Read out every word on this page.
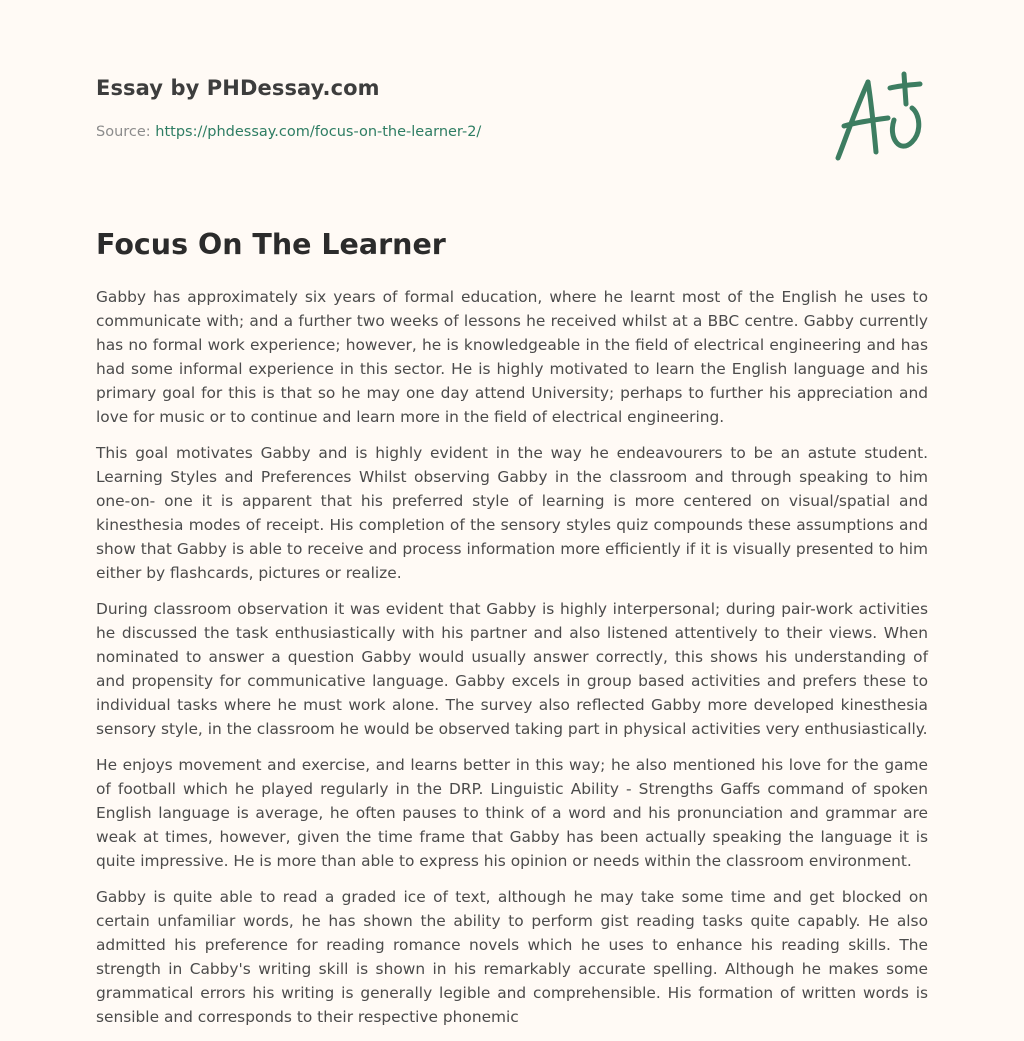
Essay by PHDessay.com
Source: https://phdessay.com/focus-on-the-learner-2/
Focus On The Learner

Gabby has approximately six years of formal education, where he learnt most of the English he uses to communicate with; and a further two weeks of lessons he received whilst at a BBC centre. Gabby currently has no formal work experience; however, he is knowledgeable in the field of electrical engineering and has had some informal experience in this sector. He is highly motivated to learn the English language and his primary goal for this is that so he may one day attend University; perhaps to further his appreciation and love for music or to continue and learn more in the field of electrical engineering.

This goal motivates Gabby and is highly evident in the way he endeavourers to be an astute student. Learning Styles and Preferences Whilst observing Gabby in the classroom and through speaking to him one-on- one it is apparent that his preferred style of learning is more centered on visual/spatial and kinesthesia modes of receipt. His completion of the sensory styles quiz compounds these assumptions and show that Gabby is able to receive and process information more efficiently if it is visually presented to him either by flashcards, pictures or realize.

During classroom observation it was evident that Gabby is highly interpersonal; during pair-work activities he discussed the task enthusiastically with his partner and also listened attentively to their views. When nominated to answer a question Gabby would usually answer correctly, this shows his understanding of and propensity for communicative language. Gabby excels in group based activities and prefers these to individual tasks where he must work alone. The survey also reflected Gabby more developed kinesthesia sensory style, in the classroom he would be observed taking part in physical activities very enthusiastically.

He enjoys movement and exercise, and learns better in this way; he also mentioned his love for the game of football which he played regularly in the DRP. Linguistic Ability - Strengths Gaffs command of spoken English language is average, he often pauses to think of a word and his pronunciation and grammar are weak at times, however, given the time frame that Gabby has been actually speaking the language it is quite impressive. He is more than able to express his opinion or needs within the classroom environment.

Gabby is quite able to read a graded ice of text, although he may take some time and get blocked on certain unfamiliar words, he has shown the ability to perform gist reading tasks quite capably. He also admitted his preference for reading romance novels which he uses to enhance his reading skills. The strength in Cabby's writing skill is shown in his remarkably accurate spelling. Although he makes some grammatical errors his writing is generally legible and comprehensible. His formation of written words is sensible and corresponds to their respective phonemic
